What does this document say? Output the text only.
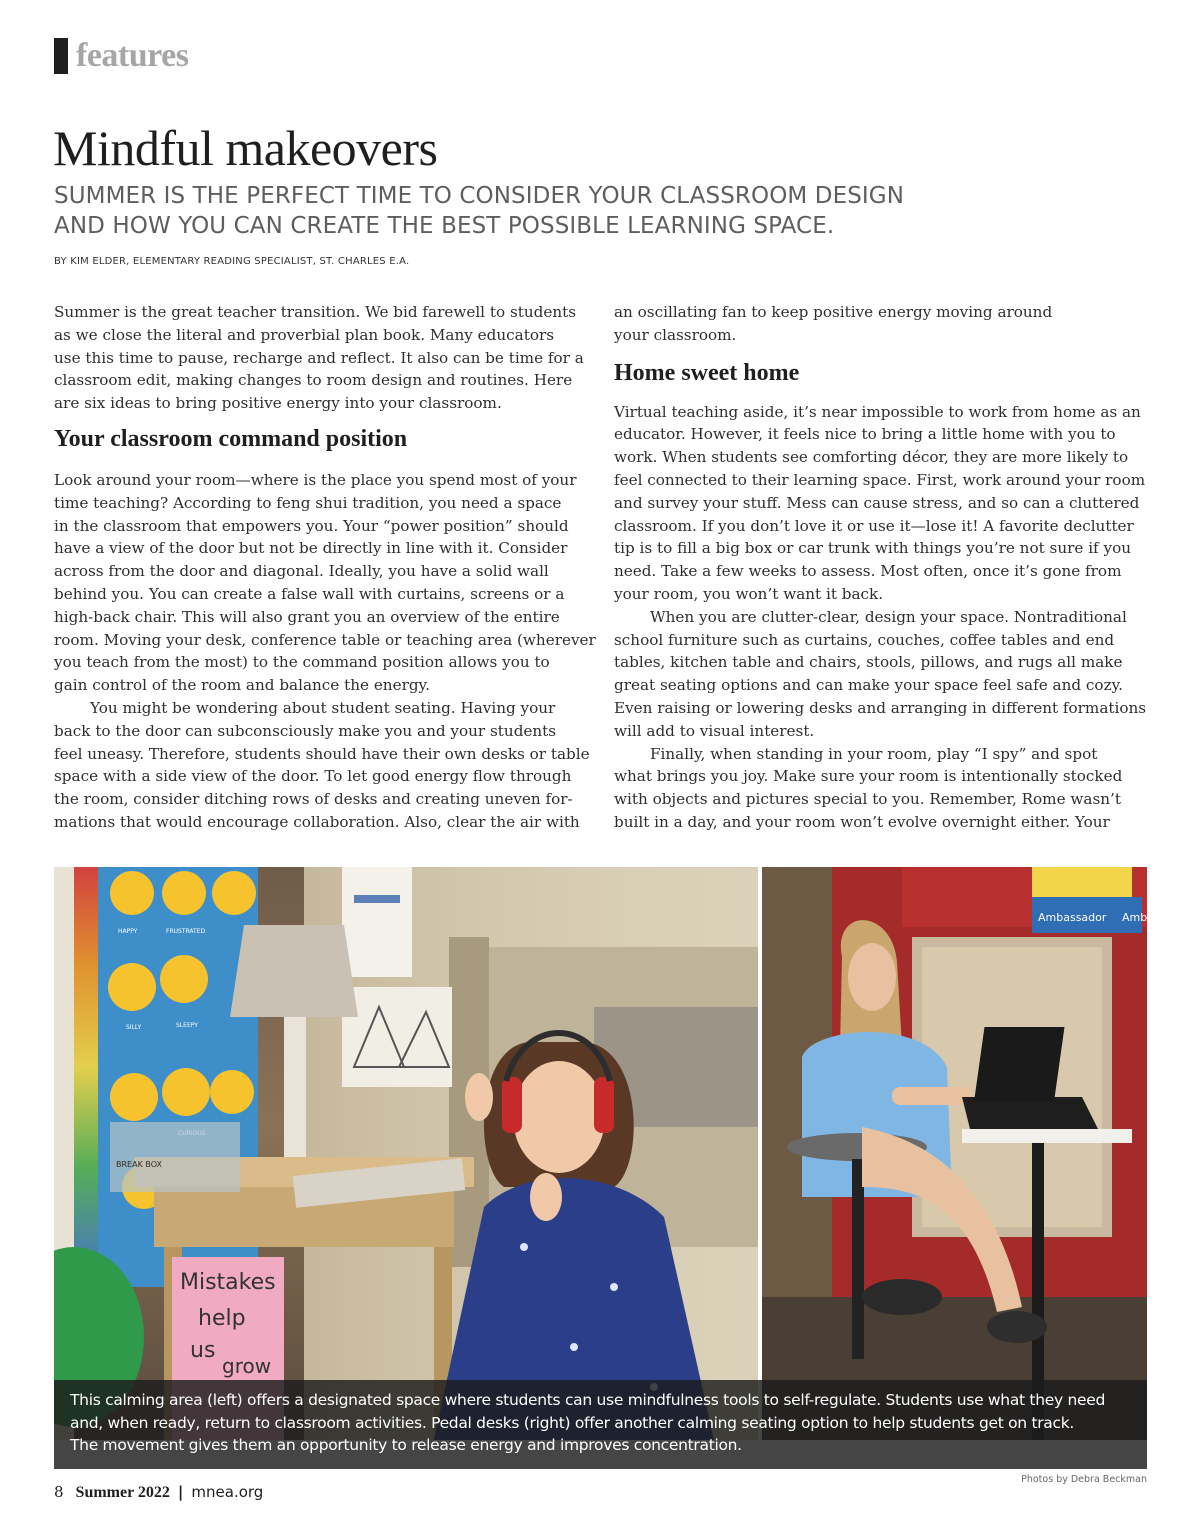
features
Mindful makeovers
SUMMER IS THE PERFECT TIME TO CONSIDER YOUR CLASSROOM DESIGN
AND HOW YOU CAN CREATE THE BEST POSSIBLE LEARNING SPACE.
BY KIM ELDER, ELEMENTARY READING SPECIALIST, ST. CHARLES E.A.
Summer is the great teacher transition. We bid farewell to students
as we close the literal and proverbial plan book. Many educators
use this time to pause, recharge and reflect. It also can be time for a
classroom edit, making changes to room design and routines. Here
are six ideas to bring positive energy into your classroom.
Your classroom command position
Look around your room—where is the place you spend most of your
time teaching? According to feng shui tradition, you need a space
in the classroom that empowers you. Your “power position” should
have a view of the door but not be directly in line with it. Consider
across from the door and diagonal. Ideally, you have a solid wall
behind you. You can create a false wall with curtains, screens or a
high-back chair. This will also grant you an overview of the entire
room. Moving your desk, conference table or teaching area (wherever
you teach from the most) to the command position allows you to
gain control of the room and balance the energy.
You might be wondering about student seating. Having your
back to the door can subconsciously make you and your students
feel uneasy. Therefore, students should have their own desks or table
space with a side view of the door. To let good energy flow through
the room, consider ditching rows of desks and creating uneven for-
mations that would encourage collaboration. Also, clear the air with
an oscillating fan to keep positive energy moving around
your classroom.
Home sweet home
Virtual teaching aside, it’s near impossible to work from home as an
educator. However, it feels nice to bring a little home with you to
work. When students see comforting décor, they are more likely to
feel connected to their learning space. First, work around your room
and survey your stuff. Mess can cause stress, and so can a cluttered
classroom. If you don’t love it or use it—lose it! A favorite declutter
tip is to fill a big box or car trunk with things you’re not sure if you
need. Take a few weeks to assess. Most often, once it’s gone from
your room, you won’t want it back.
When you are clutter-clear, design your space. Nontraditional
school furniture such as curtains, couches, coffee tables and end
tables, kitchen table and chairs, stools, pillows, and rugs all make
great seating options and can make your space feel safe and cozy.
Even raising or lowering desks and arranging in different formations
will add to visual interest.
Finally, when standing in your room, play “I spy” and spot
what brings you joy. Make sure your room is intentionally stocked
with objects and pictures special to you. Remember, Rome wasn’t
built in a day, and your room won’t evolve overnight either. Your
HAPPY	FRUSTRATED
SILLY	SLEEPY
Mistakes
help
us
grow
BREAK BOX
Ambassador Amb
This calming area (left) offers a designated space where students can use mindfulness tools to self-regulate. Students use what they need
and, when ready, return to classroom activities. Pedal desks (right) offer another calming seating option to help students get on track.
The movement gives them an opportunity to release energy and improves concentration.
Photos by Debra Beckman
8 Summer 2022 | mnea.org
